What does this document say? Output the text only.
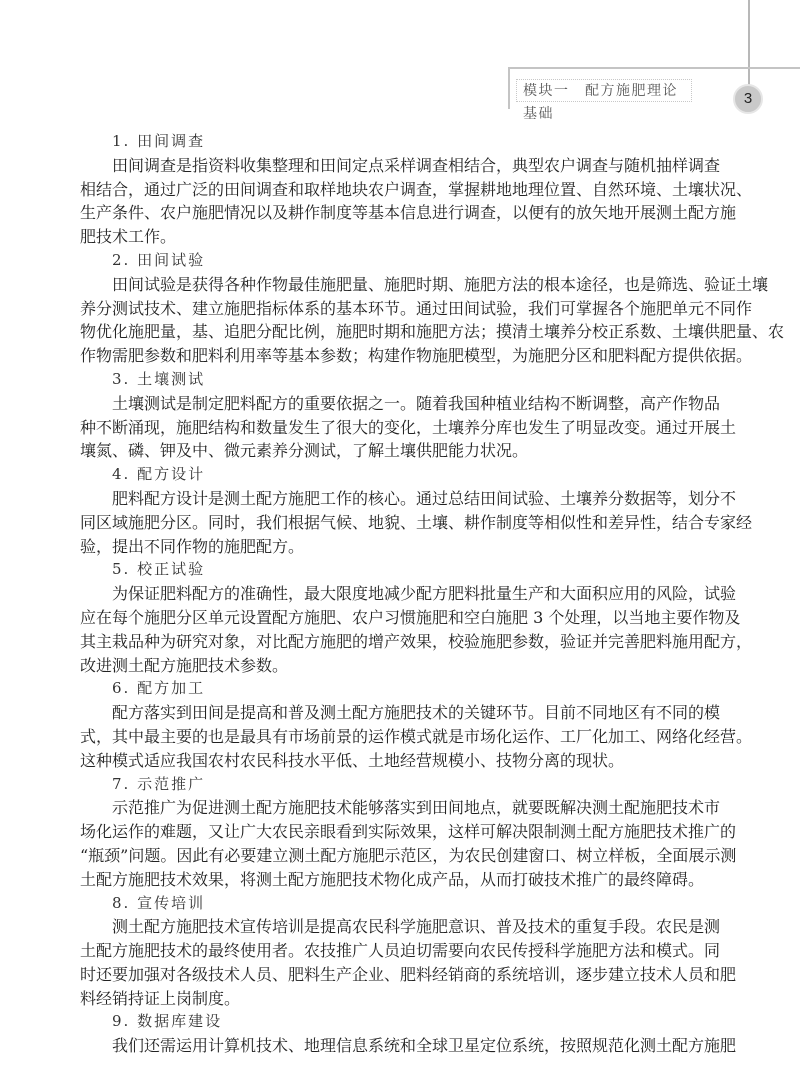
模块一　配方施肥理论基础
3
1. 田间调查
田间调查是指资料收集整理和田间定点采样调查相结合，典型农户调查与随机抽样调查
相结合，通过广泛的田间调查和取样地块农户调查，掌握耕地地理位置、自然环境、土壤状况、
生产条件、农户施肥情况以及耕作制度等基本信息进行调查，以便有的放矢地开展测土配方施
肥技术工作。
2. 田间试验
田间试验是获得各种作物最佳施肥量、施肥时期、施肥方法的根本途径，也是筛选、验证土壤
养分测试技术、建立施肥指标体系的基本环节。通过田间试验，我们可掌握各个施肥单元不同作
物优化施肥量，基、追肥分配比例，施肥时期和施肥方法；摸清土壤养分校正系数、土壤供肥量、农
作物需肥参数和肥料利用率等基本参数；构建作物施肥模型，为施肥分区和肥料配方提供依据。
3. 土壤测试
土壤测试是制定肥料配方的重要依据之一。随着我国种植业结构不断调整，高产作物品
种不断涌现，施肥结构和数量发生了很大的变化，土壤养分库也发生了明显改变。通过开展土
壤氮、磷、钾及中、微元素养分测试，了解土壤供肥能力状况。
4. 配方设计
肥料配方设计是测土配方施肥工作的核心。通过总结田间试验、土壤养分数据等，划分不
同区域施肥分区。同时，我们根据气候、地貌、土壤、耕作制度等相似性和差异性，结合专家经
验，提出不同作物的施肥配方。
5. 校正试验
为保证肥料配方的准确性，最大限度地减少配方肥料批量生产和大面积应用的风险，试验
应在每个施肥分区单元设置配方施肥、农户习惯施肥和空白施肥 3 个处理，以当地主要作物及
其主栽品种为研究对象，对比配方施肥的增产效果，校验施肥参数，验证并完善肥料施用配方，
改进测土配方施肥技术参数。
6. 配方加工
配方落实到田间是提高和普及测土配方施肥技术的关键环节。目前不同地区有不同的模
式，其中最主要的也是最具有市场前景的运作模式就是市场化运作、工厂化加工、网络化经营。
这种模式适应我国农村农民科技水平低、土地经营规模小、技物分离的现状。
7. 示范推广
示范推广为促进测土配方施肥技术能够落实到田间地点，就要既解决测土配施肥技术市
场化运作的难题，又让广大农民亲眼看到实际效果，这样可解决限制测土配方施肥技术推广的
“瓶颈”问题。因此有必要建立测土配方施肥示范区，为农民创建窗口、树立样板，全面展示测
土配方施肥技术效果，将测土配方施肥技术物化成产品，从而打破技术推广的最终障碍。
8. 宣传培训
测土配方施肥技术宣传培训是提高农民科学施肥意识、普及技术的重复手段。农民是测
土配方施肥技术的最终使用者。农技推广人员迫切需要向农民传授科学施肥方法和模式。同
时还要加强对各级技术人员、肥料生产企业、肥料经销商的系统培训，逐步建立技术人员和肥
料经销持证上岗制度。
9. 数据库建设
我们还需运用计算机技术、地理信息系统和全球卫星定位系统，按照规范化测土配方施肥
